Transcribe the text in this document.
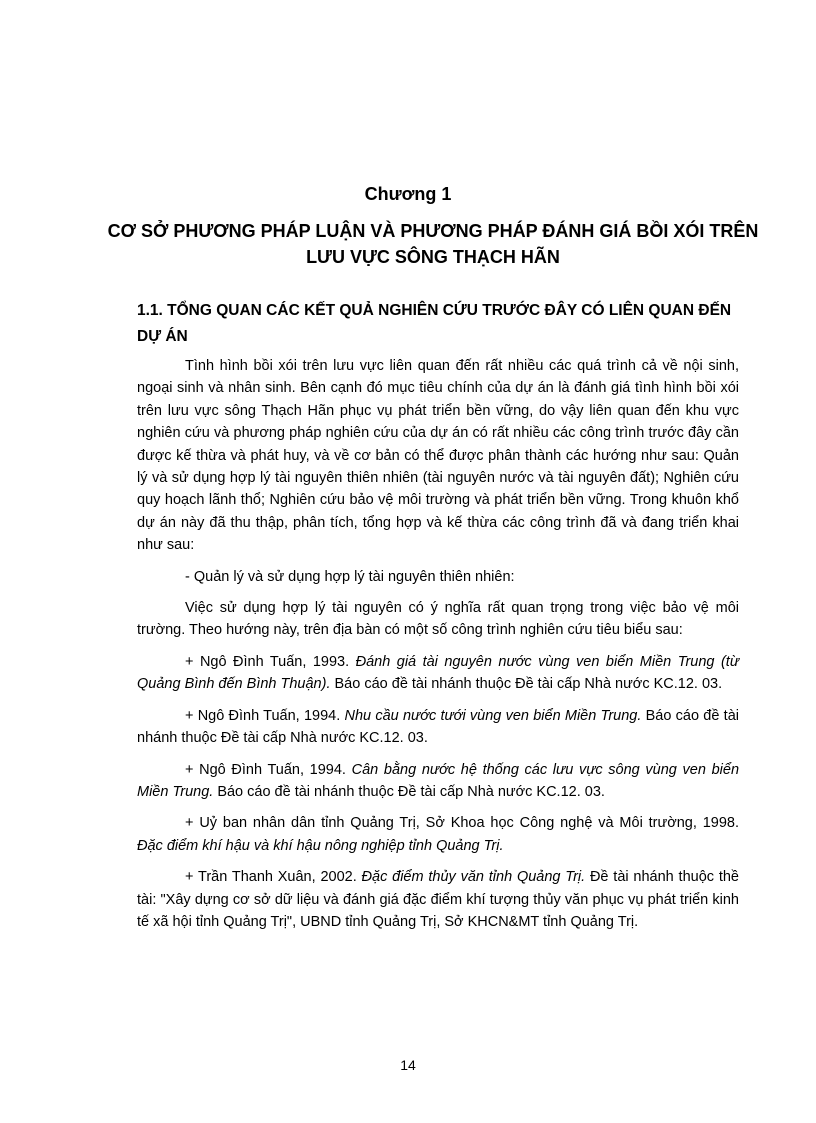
Chương 1
CƠ SỞ PHƯƠNG PHÁP LUẬN VÀ PHƯƠNG PHÁP ĐÁNH GIÁ BỒI XÓI TRÊN LƯU VỰC SÔNG THẠCH HÃN
1.1. TỔNG QUAN CÁC KẾT QUẢ NGHIÊN CỨU TRƯỚC ĐÂY CÓ LIÊN QUAN ĐẾN DỰ ÁN

Tình hình bồi xói trên lưu vực liên quan đến rất nhiều các quá trình cả về nội sinh, ngoại sinh và nhân sinh. Bên cạnh đó mục tiêu chính của dự án là đánh giá tình hình bồi xói trên lưu vực sông Thạch Hãn phục vụ phát triển bền vững, do vậy liên quan đến khu vực nghiên cứu và phương pháp nghiên cứu của dự án có rất nhiều các công trình trước đây cần được kế thừa và phát huy, và về cơ bản có thể được phân thành các hướng như sau: Quản lý và sử dụng hợp lý tài nguyên thiên nhiên (tài nguyên nước và tài nguyên đất); Nghiên cứu quy hoạch lãnh thổ; Nghiên cứu bảo vệ môi trường và phát triển bền vững. Trong khuôn khổ dự án này đã thu thập, phân tích, tổng hợp và kế thừa các công trình đã và đang triển khai như sau:

- Quản lý và sử dụng hợp lý tài nguyên thiên nhiên:

Việc sử dụng hợp lý tài nguyên có ý nghĩa rất quan trọng trong việc bảo vệ môi trường. Theo hướng này, trên địa bàn có một số công trình nghiên cứu tiêu biểu sau:

+ Ngô Đình Tuấn, 1993. Đánh giá tài nguyên nước vùng ven biển Miền Trung (từ Quảng Bình đến Bình Thuận). Báo cáo đề tài nhánh thuộc Đề tài cấp Nhà nước KC.12. 03.

+ Ngô Đình Tuấn, 1994. Nhu cầu nước tưới vùng ven biển Miền Trung. Báo cáo đề tài nhánh thuộc Đề tài cấp Nhà nước KC.12. 03.

+ Ngô Đình Tuấn, 1994. Cân bằng nước hệ thống các lưu vực sông vùng ven biển Miền Trung. Báo cáo đề tài nhánh thuộc Đề tài cấp Nhà nước KC.12. 03.

+ Uỷ ban nhân dân tỉnh Quảng Trị, Sở Khoa học Công nghệ và Môi trường, 1998. Đặc điểm khí hậu và khí hậu nông nghiệp tỉnh Quảng Trị.

+ Trần Thanh Xuân, 2002. Đặc điểm thủy văn tỉnh Quảng Trị. Đề tài nhánh thuộc thề tài: "Xây dựng cơ sở dữ liệu và đánh giá đặc điểm khí tượng thủy văn phục vụ phát triển kinh tế xã hội tỉnh Quảng Trị", UBND tỉnh Quảng Trị, Sở KHCN&MT tỉnh Quảng Trị.

14
